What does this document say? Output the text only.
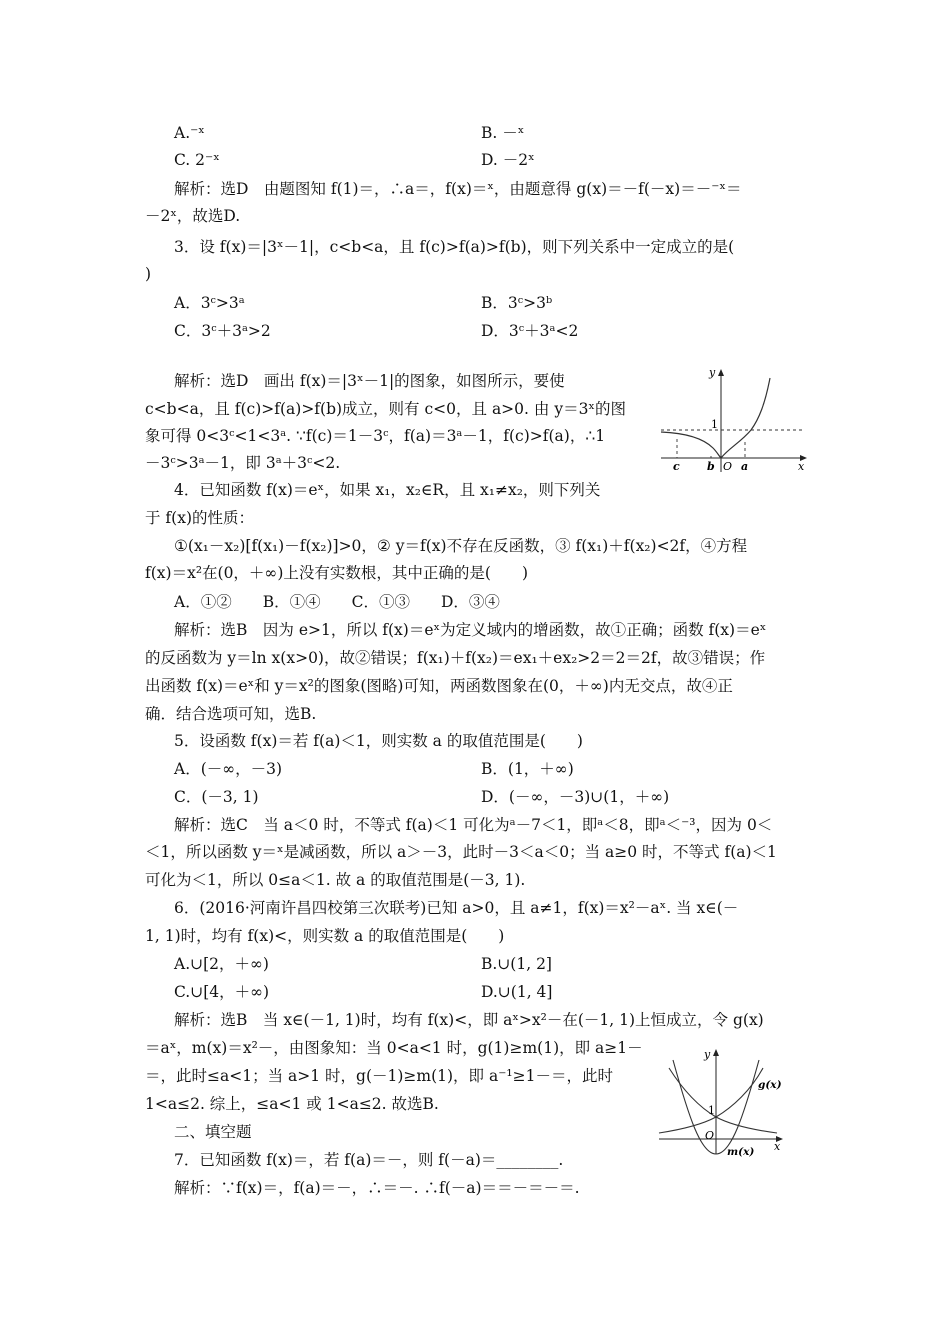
A.⁻ˣ	B. －ˣ
C. 2⁻ˣ	D. －2ˣ
解析：选D　由题图知 f(1)＝，∴a＝，f(x)＝ˣ，由题意得 g(x)＝－f(－x)＝－⁻ˣ＝
－2ˣ，故选D.
3．设 f(x)＝|3ˣ－1|，c<b<a，且 f(c)>f(a)>f(b)，则下列关系中一定成立的是(
)
A．3ᶜ>3ᵃ	B．3ᶜ>3ᵇ
C．3ᶜ＋3ᵃ>2	D．3ᶜ＋3ᵃ<2
解析：选D　画出 f(x)＝|3ˣ－1|的图象，如图所示，要使
c<b<a，且 f(c)>f(a)>f(b)成立，则有 c<0，且 a>0. 由 y＝3ˣ的图
象可得 0<3ᶜ<1<3ᵃ. ∵f(c)＝1－3ᶜ，f(a)＝3ᵃ－1，f(c)>f(a)，∴1
－3ᶜ>3ᵃ－1，即 3ᵃ＋3ᶜ<2.
y
1
c b O a	x
4．已知函数 f(x)＝eˣ，如果 x₁，x₂∈R，且 x₁≠x₂，则下列关
于 f(x)的性质：
①(x₁－x₂)[f(x₁)－f(x₂)]>0，② y＝f(x)不存在反函数，③ f(x₁)＋f(x₂)<2f，④方程
f(x)＝x²在(0，＋∞)上没有实数根，其中正确的是(　　)
A．①②　　B．①④　　C．①③　　D．③④
解析：选B　因为 e>1，所以 f(x)＝eˣ为定义域内的增函数，故①正确；函数 f(x)＝eˣ
的反函数为 y＝ln x(x>0)，故②错误；f(x₁)＋f(x₂)＝ex₁＋ex₂>2＝2＝2f，故③错误；作
出函数 f(x)＝eˣ和 y＝x²的图象(图略)可知，两函数图象在(0，＋∞)内无交点，故④正
确．结合选项可知，选B.
5．设函数 f(x)＝若 f(a)＜1，则实数 a 的取值范围是(　　)
A．(－∞，－3)	B．(1，＋∞)
C．(－3, 1)	D．(－∞，－3)∪(1，＋∞)
解析：选C　当 a＜0 时，不等式 f(a)＜1 可化为ᵃ－7＜1，即ᵃ＜8，即ᵃ＜⁻³，因为 0＜
＜1，所以函数 y＝ˣ是减函数，所以 a＞－3，此时－3＜a＜0；当 a≥0 时，不等式 f(a)＜1
可化为＜1，所以 0≤a＜1. 故 a 的取值范围是(－3, 1).
6．(2016·河南许昌四校第三次联考)已知 a>0，且 a≠1，f(x)＝x²－aˣ. 当 x∈(－
1, 1)时，均有 f(x)<，则实数 a 的取值范围是(　　)
A.∪[2，＋∞)	B.∪(1, 2]
C.∪[4，＋∞)	D.∪(1, 4]
解析：选B　当 x∈(－1, 1)时，均有 f(x)<，即 aˣ>x²－在(－1, 1)上恒成立，令 g(x)
＝aˣ，m(x)＝x²－，由图象知：当 0<a<1 时，g(1)≥m(1)，即 a≥1－
＝，此时≤a<1；当 a>1 时，g(－1)≥m(1)，即 a⁻¹≥1－＝，此时
1<a≤2. 综上，≤a<1 或 1<a≤2. 故选B.
y
1
O
x
g(x)
m(x)
二、填空题
7．已知函数 f(x)＝，若 f(a)＝－，则 f(－a)＝________.
解析：∵f(x)＝，f(a)＝－，∴＝－. ∴f(－a)＝＝－＝－＝.
